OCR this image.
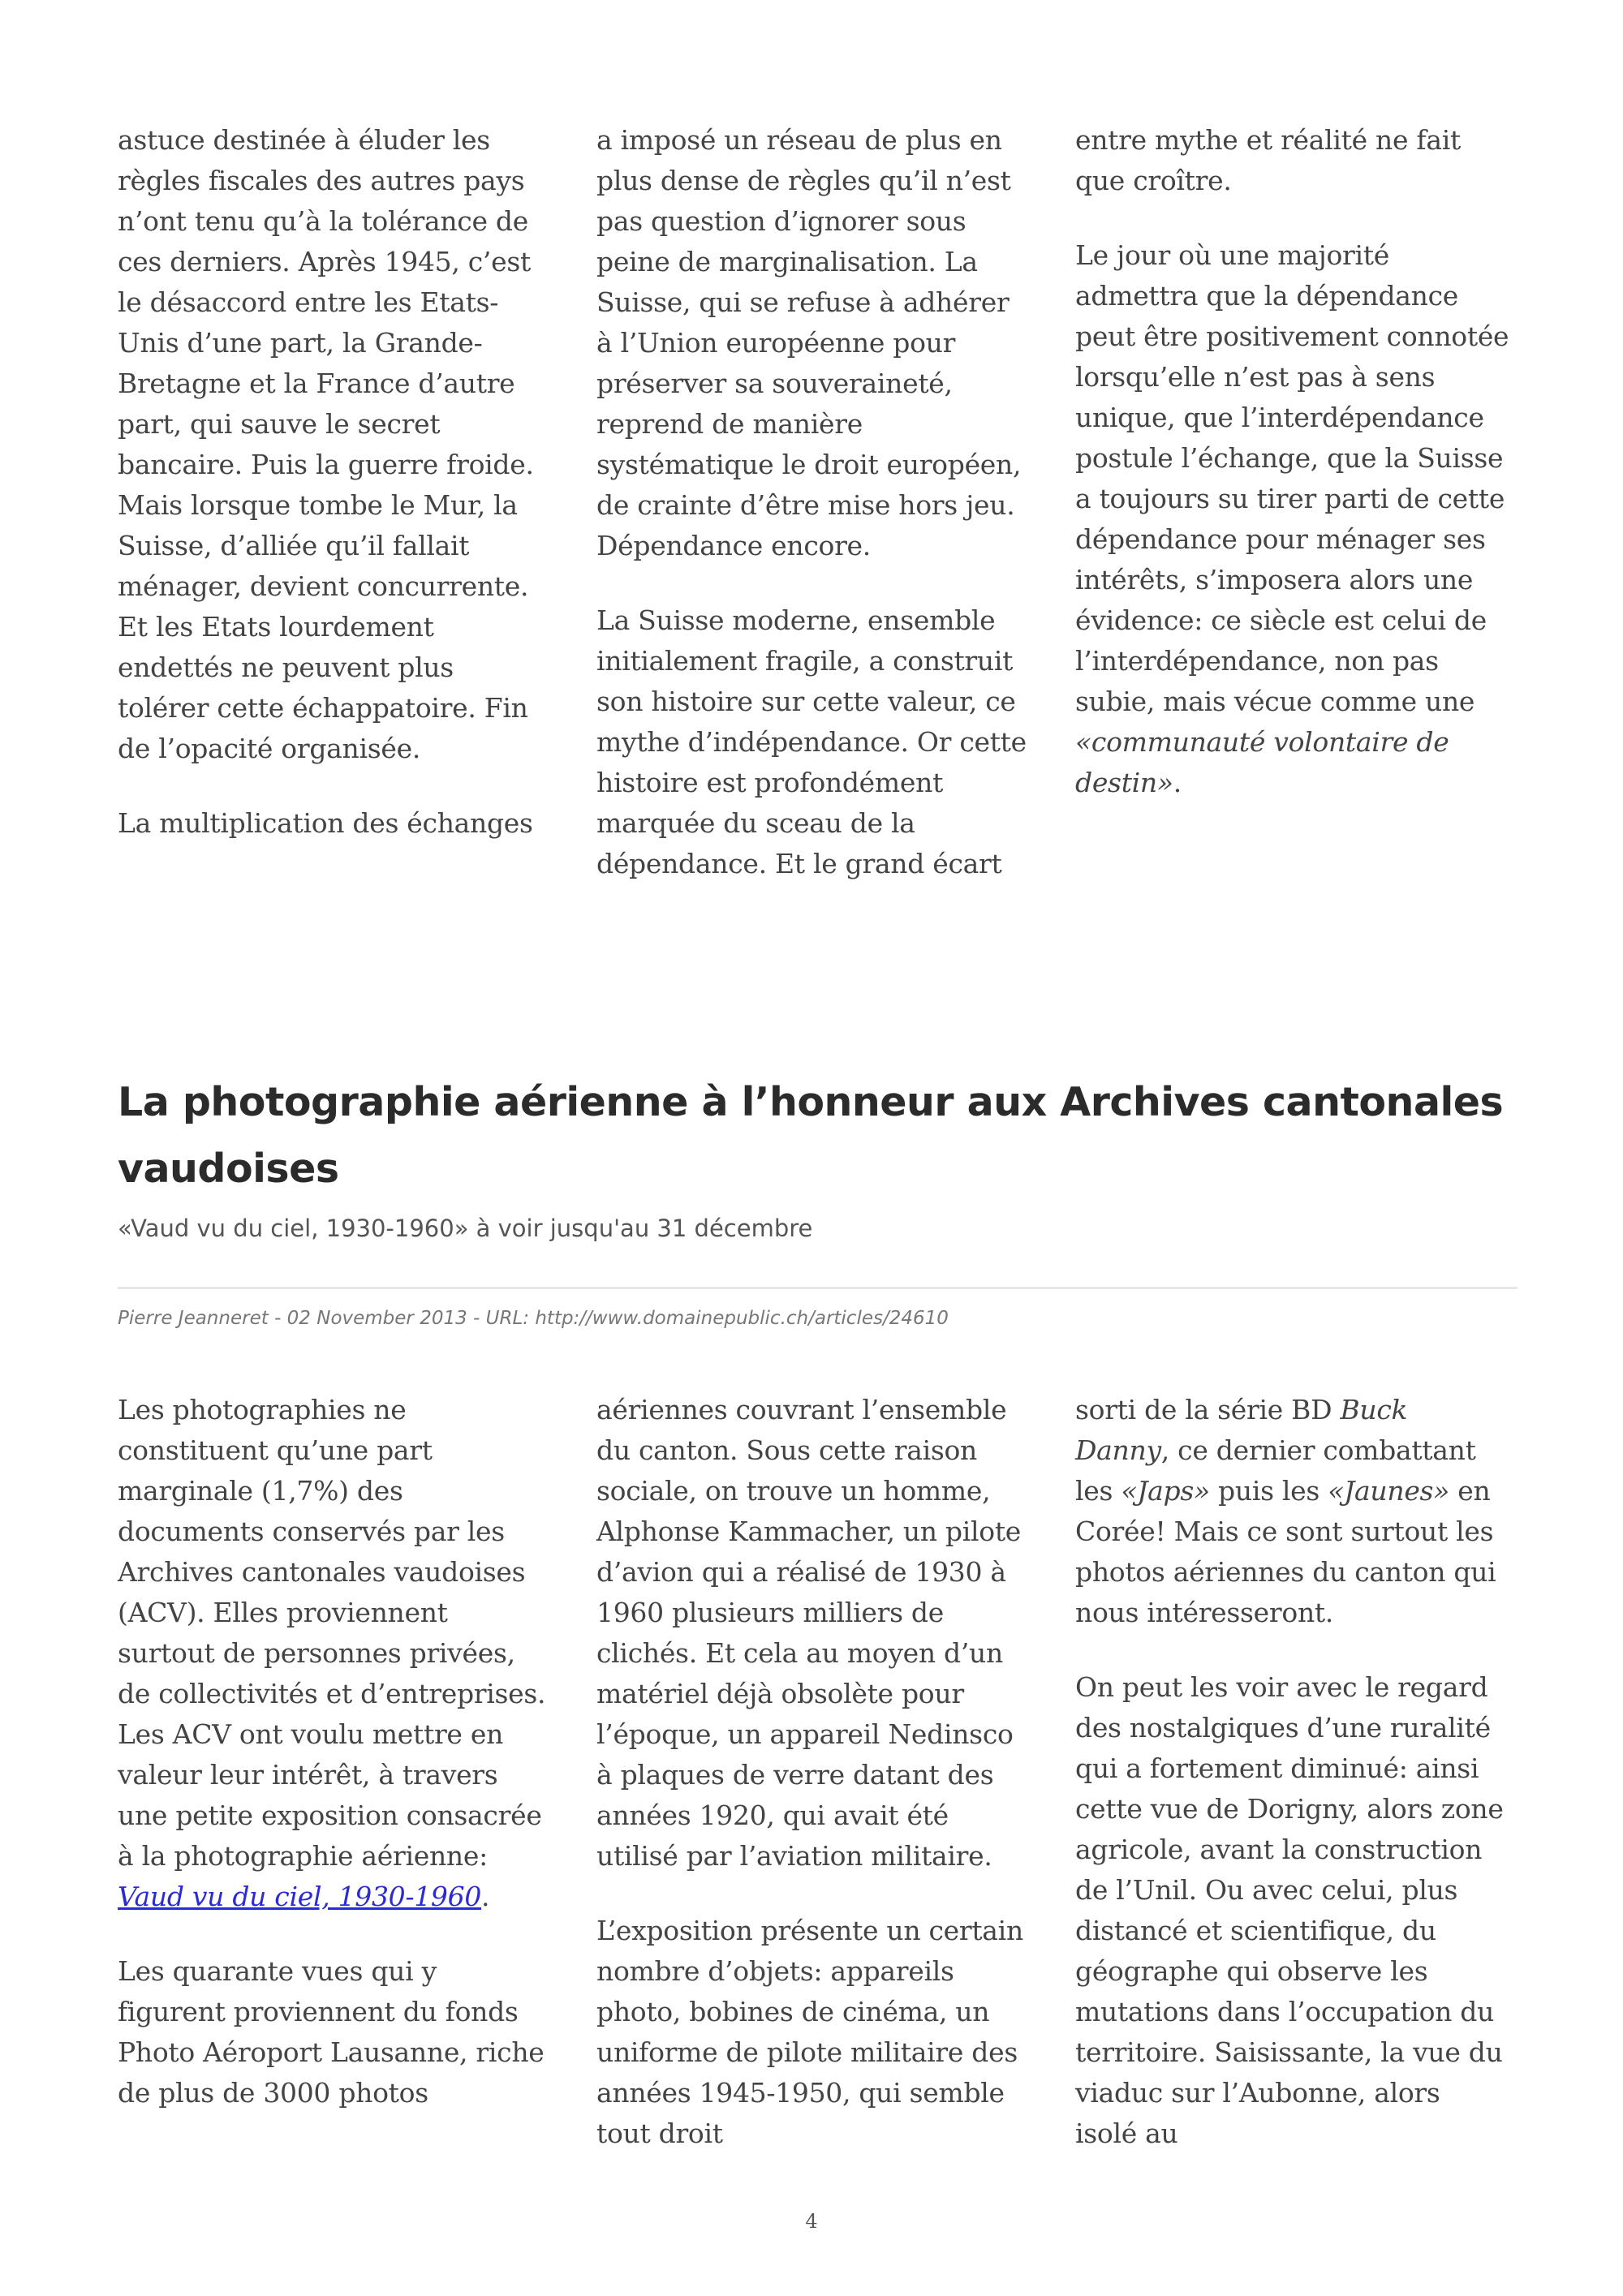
astuce destinée à éluder les règles fiscales des autres pays n’ont tenu qu’à la tolérance de ces derniers. Après 1945, c’est le désaccord entre les Etats-Unis d’une part, la Grande-Bretagne et la France d’autre part, qui sauve le secret bancaire. Puis la guerre froide. Mais lorsque tombe le Mur, la Suisse, d’alliée qu’il fallait ménager, devient concurrente. Et les Etats lourdement endettés ne peuvent plus tolérer cette échappatoire. Fin de l’opacité organisée.

La multiplication des échanges

a imposé un réseau de plus en plus dense de règles qu’il n’est pas question d’ignorer sous peine de marginalisation. La Suisse, qui se refuse à adhérer à l’Union européenne pour préserver sa souveraineté, reprend de manière systématique le droit européen, de crainte d’être mise hors jeu. Dépendance encore.

La Suisse moderne, ensemble initialement fragile, a construit son histoire sur cette valeur, ce mythe d’indépendance. Or cette histoire est profondément marquée du sceau de la dépendance. Et le grand écart

entre mythe et réalité ne fait que croître.

Le jour où une majorité admettra que la dépendance peut être positivement connotée lorsqu’elle n’est pas à sens unique, que l’interdépendance postule l’échange, que la Suisse a toujours su tirer parti de cette dépendance pour ménager ses intérêts, s’imposera alors une évidence: ce siècle est celui de l’interdépendance, non pas subie, mais vécue comme une «communauté volontaire de destin».

La photographie aérienne à l’honneur aux Archives cantonales vaudoises
«Vaud vu du ciel, 1930-1960» à voir jusqu'au 31 décembre
Pierre Jeanneret - 02 November 2013 - URL: http://www.domainepublic.ch/articles/24610

Les photographies ne constituent qu’une part marginale (1,7%) des documents conservés par les Archives cantonales vaudoises (ACV). Elles proviennent surtout de personnes privées, de collectivités et d’entreprises. Les ACV ont voulu mettre en valeur leur intérêt, à travers une petite exposition consacrée à la photographie aérienne: Vaud vu du ciel, 1930-1960.

Les quarante vues qui y figurent proviennent du fonds Photo Aéroport Lausanne, riche de plus de 3000 photos

aériennes couvrant l’ensemble du canton. Sous cette raison sociale, on trouve un homme, Alphonse Kammacher, un pilote d’avion qui a réalisé de 1930 à 1960 plusieurs milliers de clichés. Et cela au moyen d’un matériel déjà obsolète pour l’époque, un appareil Nedinsco à plaques de verre datant des années 1920, qui avait été utilisé par l’aviation militaire.

L’exposition présente un certain nombre d’objets: appareils photo, bobines de cinéma, un uniforme de pilote militaire des années 1945-1950, qui semble tout droit

sorti de la série BD Buck Danny, ce dernier combattant les «Japs» puis les «Jaunes» en Corée! Mais ce sont surtout les photos aériennes du canton qui nous intéresseront.

On peut les voir avec le regard des nostalgiques d’une ruralité qui a fortement diminué: ainsi cette vue de Dorigny, alors zone agricole, avant la construction de l’Unil. Ou avec celui, plus distancé et scientifique, du géographe qui observe les mutations dans l’occupation du territoire. Saisissante, la vue du viaduc sur l’Aubonne, alors isolé au

4
